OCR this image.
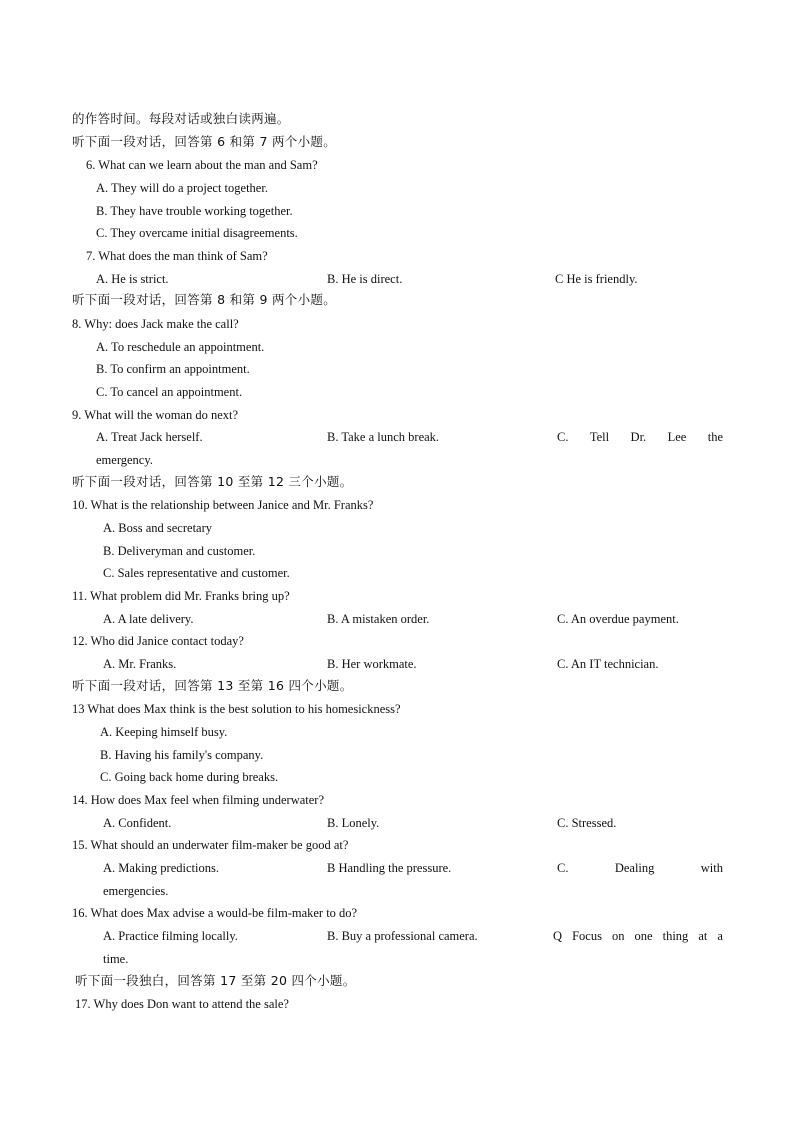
的作答时间。每段对话或独白读两遍。
听下面一段对话，回答第 6 和第 7 两个小题。
6. What can we learn about the man and Sam?
A. They will do a project together.
B. They have trouble working together.
C. They overcame initial disagreements.
7. What does the man think of Sam?
A. He is strict.	B. He is direct.	C He is friendly.
听下面一段对话，回答第 8 和第 9 两个小题。
8. Why: does Jack make the call?
A. To reschedule an appointment.
B. To confirm an appointment.
C. To cancel an appointment.
9. What will the woman do next?
A. Treat Jack herself.	B. Take a lunch break.	C. Tell Dr. Lee the
emergency.
听下面一段对话，回答第 10 至第 12 三个小题。
10. What is the relationship between Janice and Mr. Franks?
A. Boss and secretary
B. Deliveryman and customer.
C. Sales representative and customer.
11. What problem did Mr. Franks bring up?
A. A late delivery.	B. A mistaken order.	C. An overdue payment.
12. Who did Janice contact today?
A. Mr. Franks.	B. Her workmate.	C. An IT technician.
听下面一段对话，回答第 13 至第 16 四个小题。
13 What does Max think is the best solution to his homesickness?
A. Keeping himself busy.
B. Having his family's company.
C. Going back home during breaks.
14. How does Max feel when filming underwater?
A. Confident.	B. Lonely.	C. Stressed.
15. What should an underwater film-maker be good at?
A. Making predictions.	B Handling the pressure.	C.	Dealing	with
emergencies.
16. What does Max advise a would-be film-maker to do?
A. Practice filming locally.	B. Buy a professional camera.	Q Focus on one thing at a
time.
听下面一段独白，回答第 17 至第 20 四个小题。
17. Why does Don want to attend the sale?
